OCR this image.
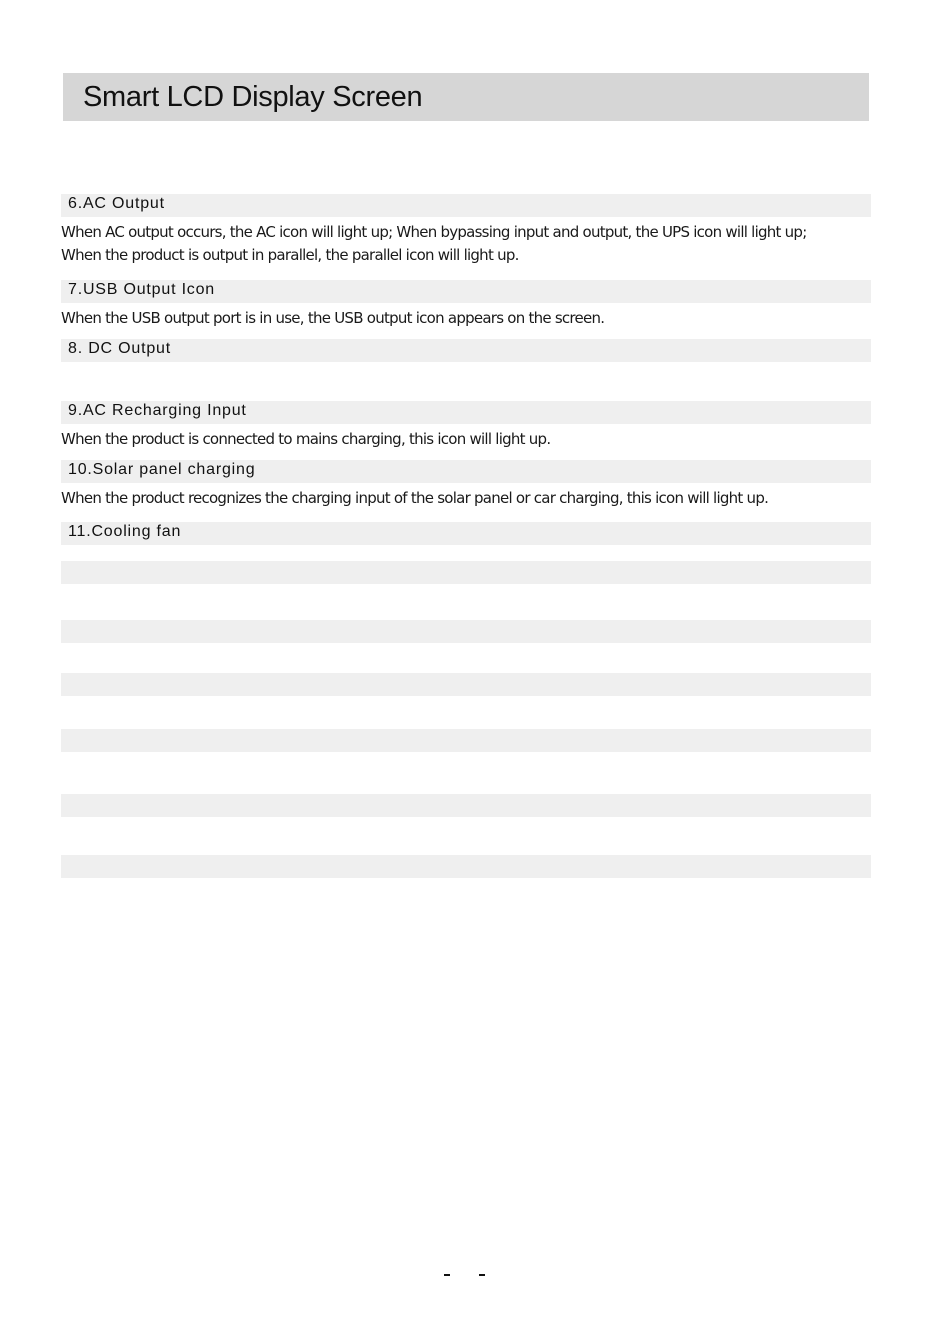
Smart LCD Display Screen
6.AC Output
When AC output occurs, the AC icon will light up; When bypassing input and output, the UPS icon will light up;
When the product is output in parallel, the parallel icon will light up.
7.USB Output Icon
When the USB output port is in use, the USB output icon appears on the screen.
8. DC Output
9.AC Recharging Input
When the product is connected to mains charging, this icon will light up.
10.Solar panel charging
When the product recognizes the charging input of the solar panel or car charging, this icon will light up.
11.Cooling fan
